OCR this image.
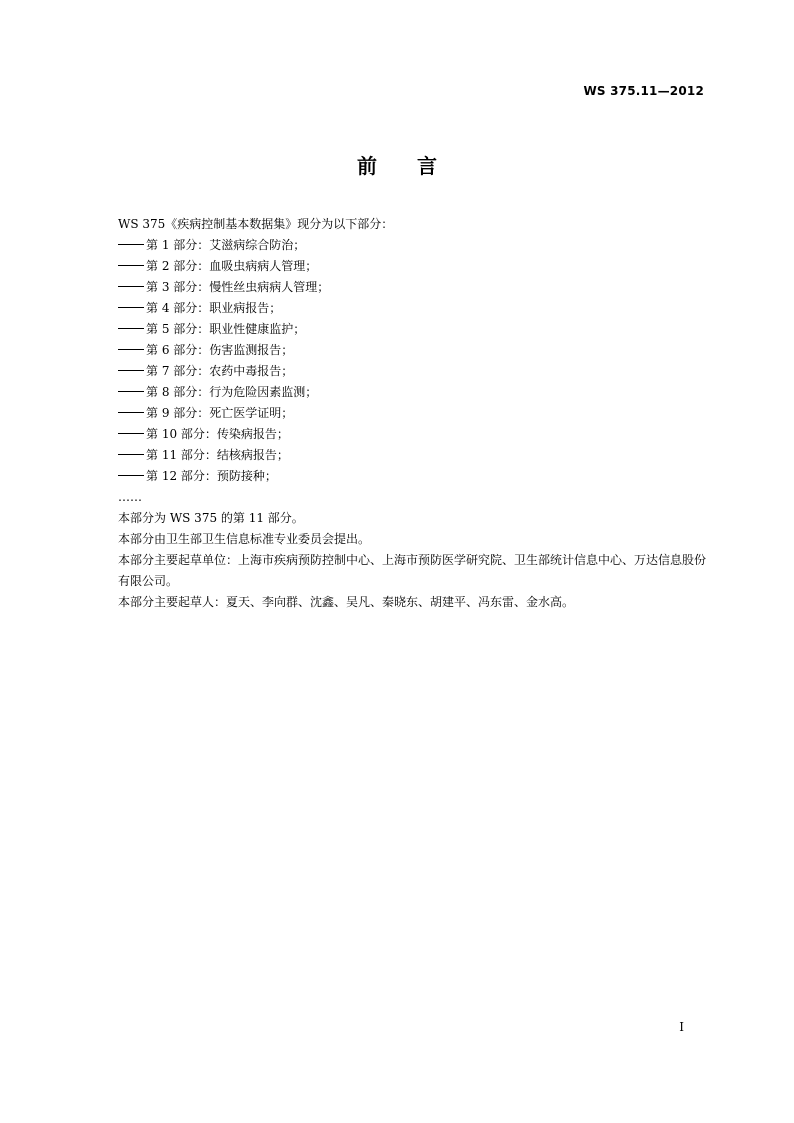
WS 375.11—2012
前言
WS 375《疾病控制基本数据集》现分为以下部分：
第 1 部分：艾滋病综合防治；
第 2 部分：血吸虫病病人管理；
第 3 部分：慢性丝虫病病人管理；
第 4 部分：职业病报告；
第 5 部分：职业性健康监护；
第 6 部分：伤害监测报告；
第 7 部分：农药中毒报告；
第 8 部分：行为危险因素监测；
第 9 部分：死亡医学证明；
第 10 部分：传染病报告；
第 11 部分：结核病报告；
第 12 部分：预防接种；
……
本部分为 WS 375 的第 11 部分。
本部分由卫生部卫生信息标准专业委员会提出。
本部分主要起草单位：上海市疾病预防控制中心、上海市预防医学研究院、卫生部统计信息中心、万达信息股份有限公司。
本部分主要起草人：夏天、李向群、沈鑫、吴凡、秦晓东、胡建平、冯东雷、金水高。
I
